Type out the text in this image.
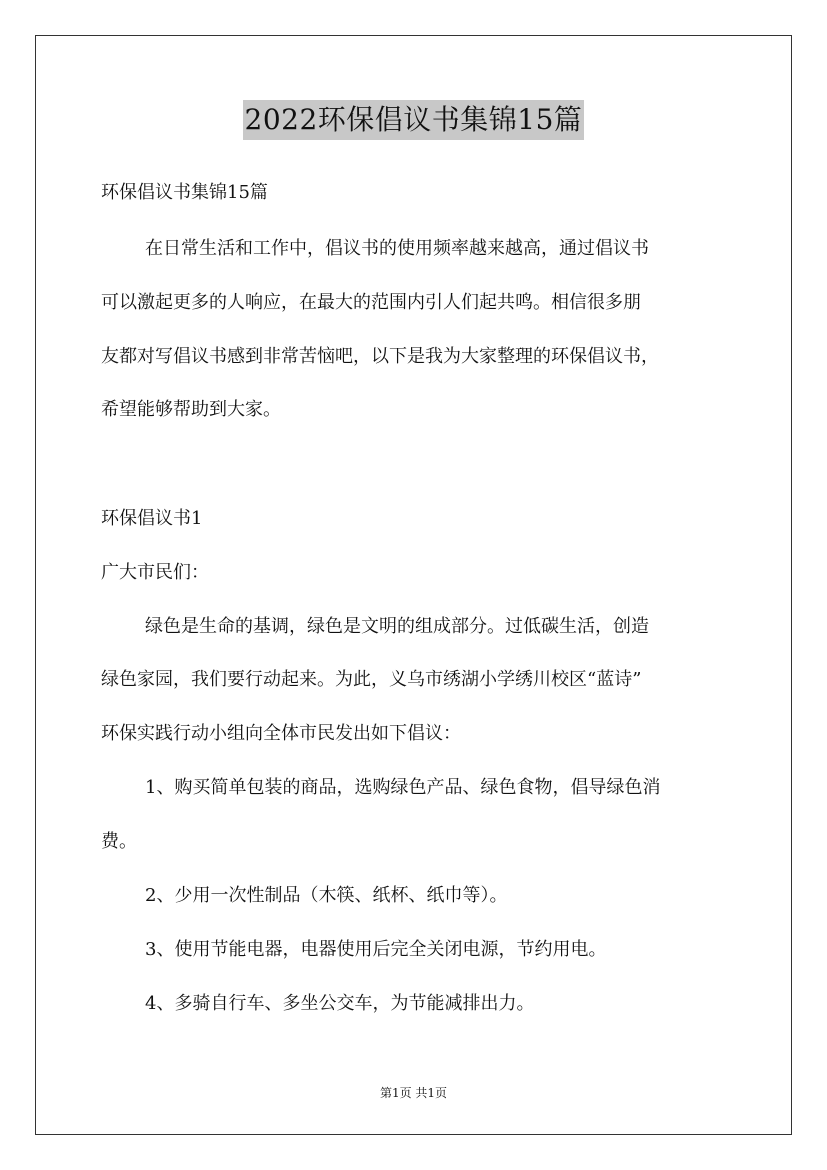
2022环保倡议书集锦15篇
环保倡议书集锦15篇
在日常生活和工作中，倡议书的使用频率越来越高，通过倡议书
可以激起更多的人响应，在最大的范围内引人们起共鸣。相信很多朋
友都对写倡议书感到非常苦恼吧，以下是我为大家整理的环保倡议书，
希望能够帮助到大家。
环保倡议书1
广大市民们：
绿色是生命的基调，绿色是文明的组成部分。过低碳生活，创造
绿色家园，我们要行动起来。为此，义乌市绣湖小学绣川校区“蓝诗”
环保实践行动小组向全体市民发出如下倡议：
1、购买简单包装的商品，选购绿色产品、绿色食物，倡导绿色消
费。
2、少用一次性制品（木筷、纸杯、纸巾等）。
3、使用节能电器，电器使用后完全关闭电源，节约用电。
4、多骑自行车、多坐公交车，为节能减排出力。
第1页 共1页
